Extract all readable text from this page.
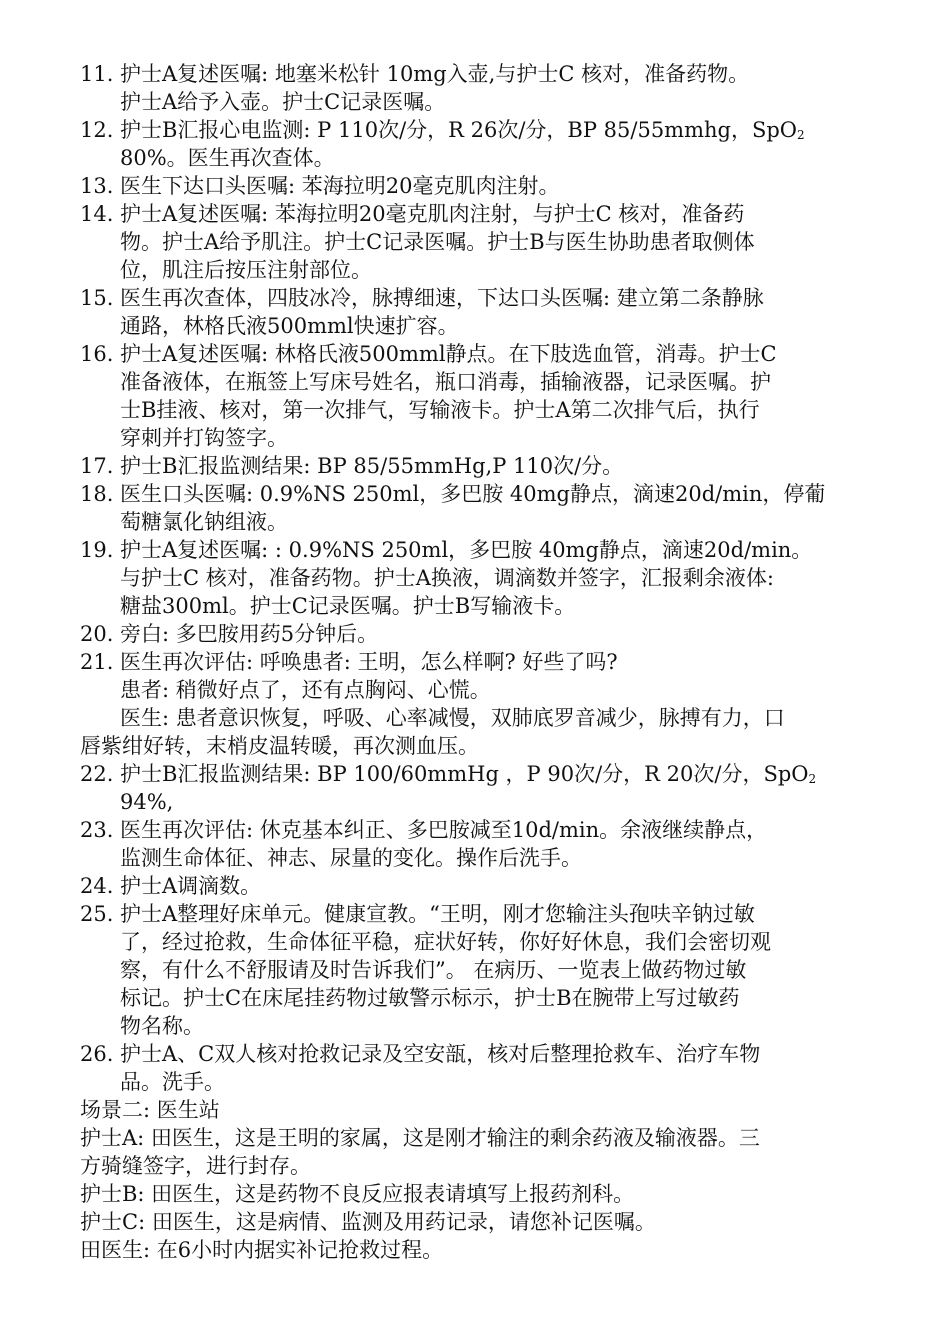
11. 护士A复述医嘱: 地塞米松针 10mg入壶,与护士C 核对，准备药物。
护士A给予入壶。护士C记录医嘱。
12. 护士B汇报心电监测: P 110次/分，R 26次/分，BP 85/55mmhg，SpO$_2$
80%。医生再次查体。
13. 医生下达口头医嘱: 苯海拉明20毫克肌肉注射。
14. 护士A复述医嘱: 苯海拉明20毫克肌肉注射，与护士C 核对，准备药
物。护士A给予肌注。护士C记录医嘱。护士B与医生协助患者取侧体
位，肌注后按压注射部位。
15. 医生再次查体，四肢冰冷，脉搏细速，下达口头医嘱: 建立第二条静脉
通路，林格氏液500mml快速扩容。
16. 护士A复述医嘱: 林格氏液500mml静点。在下肢选血管，消毒。护士C
准备液体，在瓶签上写床号姓名，瓶口消毒，插输液器，记录医嘱。护
士B挂液、核对，第一次排气，写输液卡。护士A第二次排气后，执行
穿刺并打钩签字。
17. 护士B汇报监测结果: BP 85/55mmHg,P 110次/分。
18. 医生口头医嘱: 0.9%NS 250ml，多巴胺 40mg静点，滴速20d/min，停葡
萄糖氯化钠组液。
19. 护士A复述医嘱: : 0.9%NS 250ml，多巴胺 40mg静点，滴速20d/min。
与护士C 核对，准备药物。护士A换液，调滴数并签字，汇报剩余液体:
糖盐300ml。护士C记录医嘱。护士B写输液卡。
20. 旁白: 多巴胺用药5分钟后。
21. 医生再次评估: 呼唤患者: 王明，怎么样啊? 好些了吗?
患者: 稍微好点了，还有点胸闷、心慌。
医生: 患者意识恢复，呼吸、心率减慢，双肺底罗音减少，脉搏有力，口
唇紫绀好转，末梢皮温转暖，再次测血压。
22. 护士B汇报监测结果: BP 100/60mmHg ，P 90次/分，R 20次/分，SpO$_2$
94%,
23. 医生再次评估: 休克基本纠正、多巴胺减至10d/min。余液继续静点，
监测生命体征、神志、尿量的变化。操作后洗手。
24. 护士A调滴数。
25. 护士A整理好床单元。健康宣教。“王明，刚才您输注头孢呋辛钠过敏
了，经过抢救，生命体征平稳，症状好转，你好好休息，我们会密切观
察，有什么不舒服请及时告诉我们”。 在病历、一览表上做药物过敏
标记。护士C在床尾挂药物过敏警示标示，护士B在腕带上写过敏药
物名称。
26. 护士A、C双人核对抢救记录及空安瓿，核对后整理抢救车、治疗车物
品。洗手。
场景二: 医生站
护士A: 田医生，这是王明的家属，这是刚才输注的剩余药液及输液器。三
方骑缝签字，进行封存。
护士B: 田医生，这是药物不良反应报表请填写上报药剂科。
护士C: 田医生，这是病情、监测及用药记录，请您补记医嘱。
田医生: 在6小时内据实补记抢救过程。
